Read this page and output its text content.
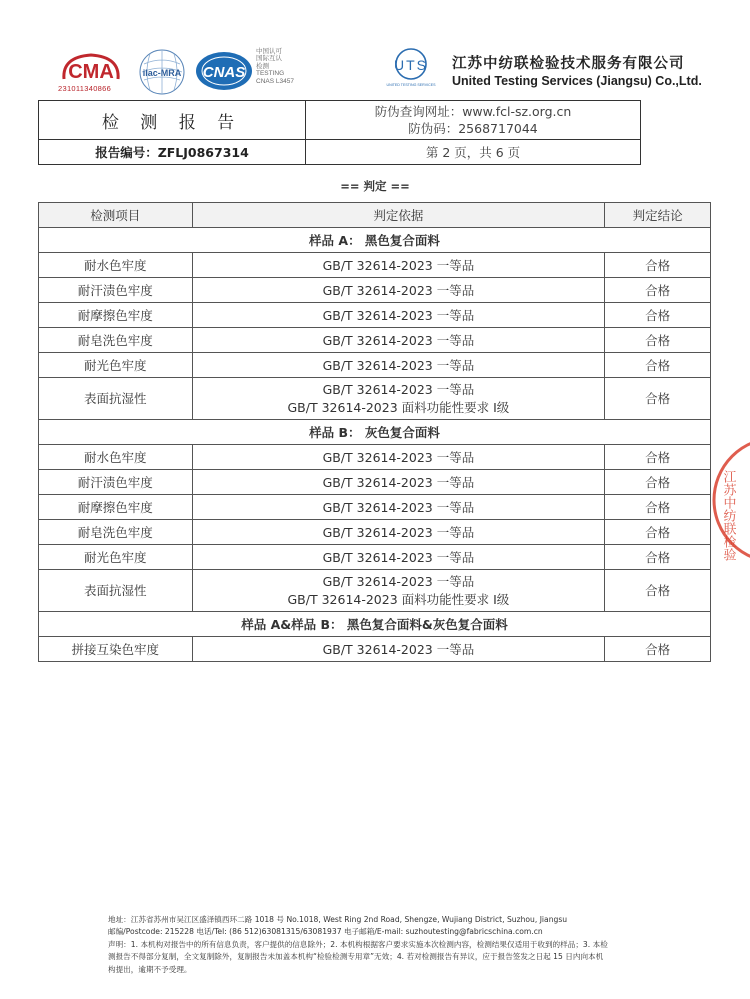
CMA
231011340866
ilac-MRA CNAS
中国认可
国际互认
检测
TESTING
CNAS L3457
UTS
UNITED TESTING SERVICES
江苏中纺联检验技术服务有限公司
United Testing Services (Jiangsu) Co.,Ltd.
检 测 报 告	防伪查询网址：www.fcl-sz.org.cn
防伪码：2568717044

报告编号：ZFLJ0867314	第 2 页，共 6 页
== 判定 ==
检测项目	判定依据	判定结论
样品 A： 黑色复合面料		
耐水色牢度	GB/T 32614-2023 一等品	合格
耐汗渍色牢度	GB/T 32614-2023 一等品	合格
耐摩擦色牢度	GB/T 32614-2023 一等品	合格
耐皂洗色牢度	GB/T 32614-2023 一等品	合格
耐光色牢度	GB/T 32614-2023 一等品	合格
表面抗湿性	GB/T 32614-2023 一等品
GB/T 32614-2023 面料功能性要求 Ⅰ级	合格
样品 B： 灰色复合面料		
耐水色牢度	GB/T 32614-2023 一等品	合格
耐汗渍色牢度	GB/T 32614-2023 一等品	合格
耐摩擦色牢度	GB/T 32614-2023 一等品	合格
耐皂洗色牢度	GB/T 32614-2023 一等品	合格
耐光色牢度	GB/T 32614-2023 一等品	合格
表面抗湿性	GB/T 32614-2023 一等品
GB/T 32614-2023 面料功能性要求 Ⅰ级	合格
样品 A&样品 B： 黑色复合面料&灰色复合面料		
拼接互染色牢度	GB/T 32614-2023 一等品	合格
江苏中纺联检验
地址：江苏省苏州市吴江区盛泽镇西环二路 1018 号 No.1018, West Ring 2nd Road, Shengze, Wujiang District, Suzhou, Jiangsu
邮编/Postcode: 215228 电话/Tel: (86 512)63081315/63081937 电子邮箱/E-mail: suzhoutesting@fabricschina.com.cn
声明：1. 本机构对报告中的所有信息负责，客户提供的信息除外；2. 本机构根据客户要求实施本次检测内容，检测结果仅适用于收到的样品；3. 本检
测报告不得部分复制，全文复制除外，复制报告未加盖本机构“检验检测专用章”无效；4. 若对检测报告有异议，应于报告签发之日起 15 日内向本机
构提出，逾期不予受理。
